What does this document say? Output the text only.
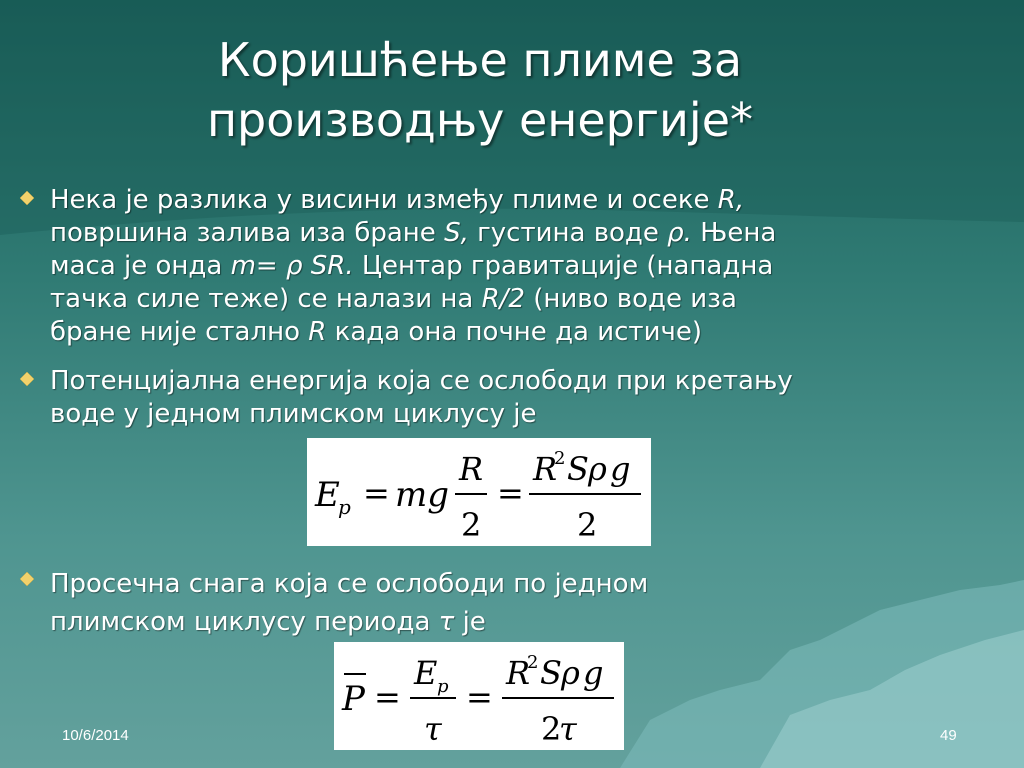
Коришћење плиме за
производњу енергије*
Нека је разлика у висини између плиме и осеке R,
површина залива иза бране S, густина воде ρ. Њена
маса је онда m= ρ SR. Центар гравитације (нападна
тачка силе теже) се налази на R/2 (ниво воде иза
бране није стално R када она почне да истиче)
Потенцијална енергија која се ослободи при кретању
воде у једном плимском циклусу је
E
p = mg
R
2
=
R
2 S ρ g
2
Просечна снага која се ослободи по једном
плимском циклусу периода τ је
P =
E p
τ
=
R
2 S ρ g
2
τ
10/6/2014	49
